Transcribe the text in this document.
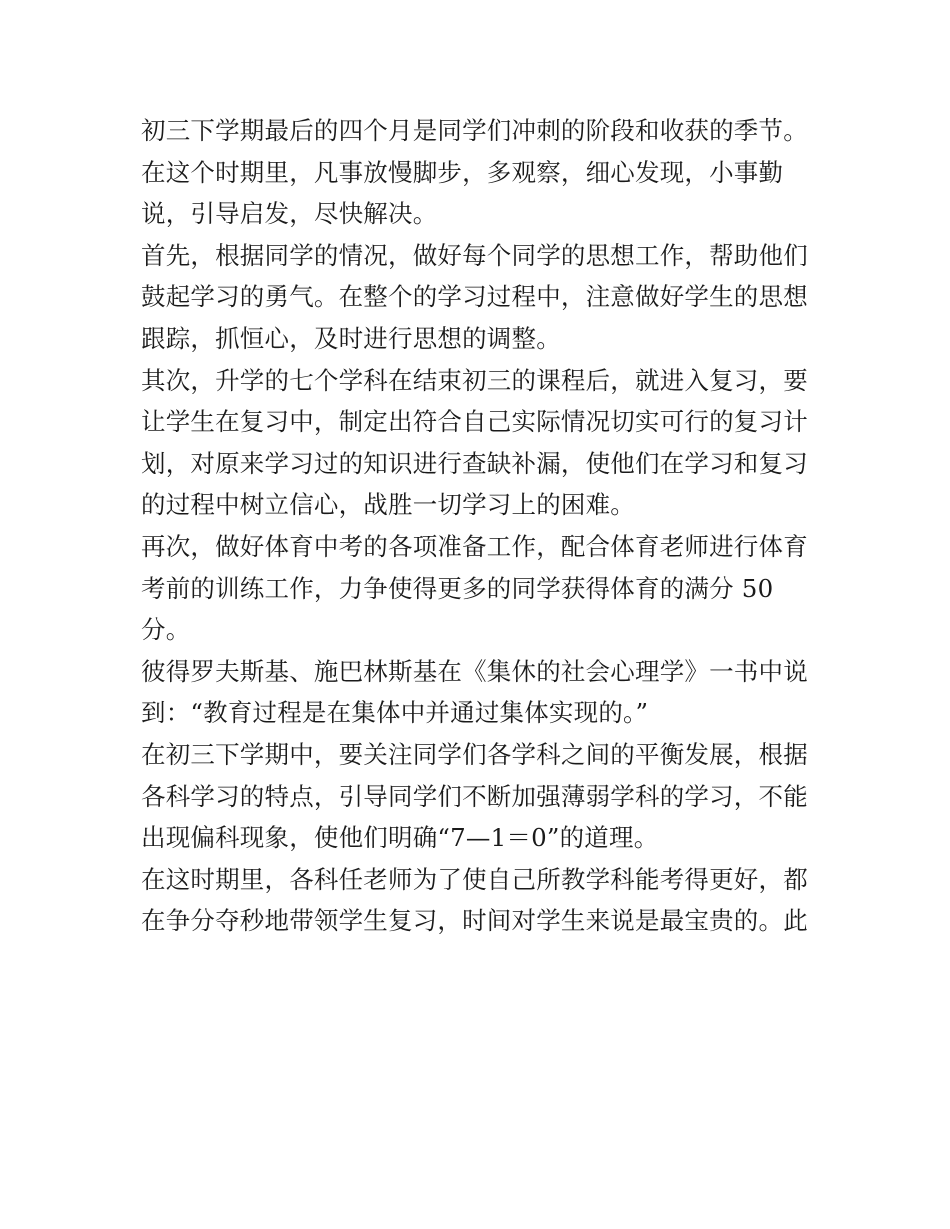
初三下学期最后的四个月是同学们冲刺的阶段和收获的季节。
在这个时期里，凡事放慢脚步，多观察，细心发现，小事勤
说，引导启发，尽快解决。
首先，根据同学的情况，做好每个同学的思想工作，帮助他们
鼓起学习的勇气。在整个的学习过程中，注意做好学生的思想
跟踪，抓恒心，及时进行思想的调整。
其次，升学的七个学科在结束初三的课程后，就进入复习，要
让学生在复习中，制定出符合自己实际情况切实可行的复习计
划，对原来学习过的知识进行查缺补漏，使他们在学习和复习
的过程中树立信心，战胜一切学习上的困难。
再次，做好体育中考的各项准备工作，配合体育老师进行体育
考前的训练工作，力争使得更多的同学获得体育的满分 50
分。
彼得罗夫斯基、施巴林斯基在《集休的社会心理学》一书中说
到：“教育过程是在集体中并通过集体实现的。”
在初三下学期中，要关注同学们各学科之间的平衡发展，根据
各科学习的特点，引导同学们不断加强薄弱学科的学习，不能
出现偏科现象，使他们明确“7—1＝0”的道理。
在这时期里，各科任老师为了使自己所教学科能考得更好，都
在争分夺秒地带领学生复习，时间对学生来说是最宝贵的。此
